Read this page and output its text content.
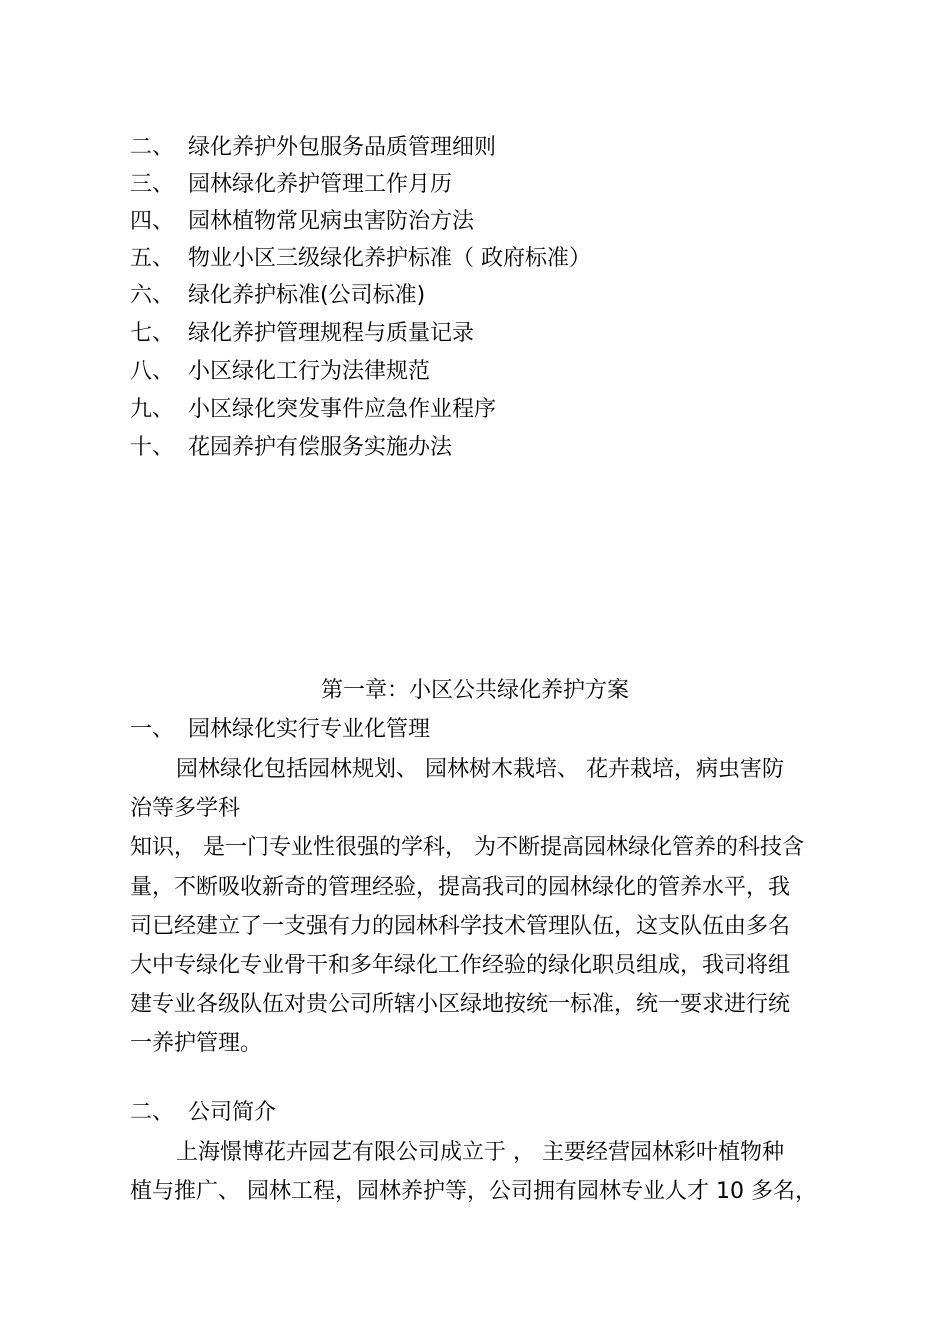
二、 绿化养护外包服务品质管理细则
三、 园林绿化养护管理工作月历
四、 园林植物常见病虫害防治方法
五、 物业小区三级绿化养护标准（ 政府标准）
六、 绿化养护标准(公司标准)
七、 绿化养护管理规程与质量记录
八、 小区绿化工行为法律规范
九、 小区绿化突发事件应急作业程序
十、 花园养护有偿服务实施办法
第一章：小区公共绿化养护方案
一、 园林绿化实行专业化管理
园林绿化包括园林规划、 园林树木栽培、 花卉栽培，病虫害防
治等多学科
知识， 是一门专业性很强的学科， 为不断提高园林绿化管养的科技含
量，不断吸收新奇的管理经验，提高我司的园林绿化的管养水平，我
司已经建立了一支强有力的园林科学技术管理队伍，这支队伍由多名
大中专绿化专业骨干和多年绿化工作经验的绿化职员组成，我司将组
建专业各级队伍对贵公司所辖小区绿地按统一标准，统一要求进行统
一养护管理。
二、 公司简介
上海憬博花卉园艺有限公司成立于 ， 主要经营园林彩叶植物种
植与推广、 园林工程，园林养护等，公司拥有园林专业人才 10 多名，
